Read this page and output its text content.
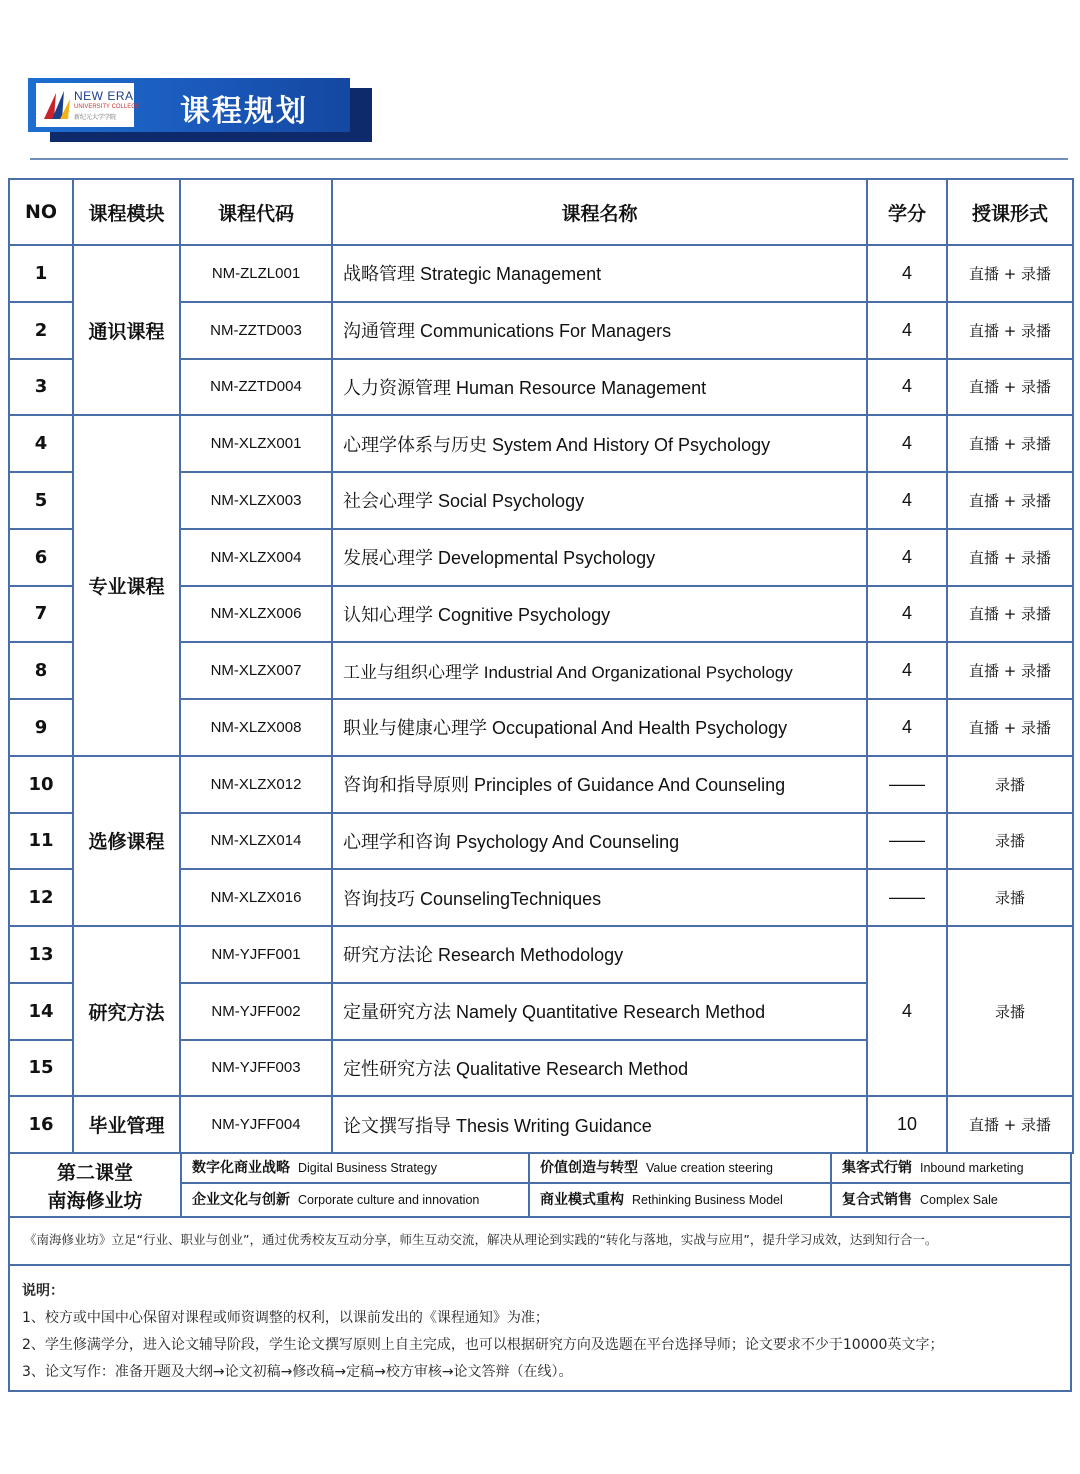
NEW ERA
UNIVERSITY COLLEGE
新纪元大学学院 课程规划
NO	课程模块	课程代码	课程名称	学分	授课形式
1	通识课程	NM-ZLZL001	战略管理 Strategic Management	4	直播 + 录播
2		NM-ZZTD003	沟通管理 Communications For Managers	4	直播 + 录播
3		NM-ZZTD004	人力资源管理 Human Resource Management	4	直播 + 录播
4	专业课程	NM-XLZX001	心理学体系与历史 System And History Of Psychology	4	直播 + 录播
5		NM-XLZX003	社会心理学 Social Psychology	4	直播 + 录播
6		NM-XLZX004	发展心理学 Developmental Psychology	4	直播 + 录播
7		NM-XLZX006	认知心理学 Cognitive Psychology	4	直播 + 录播
8		NM-XLZX007	工业与组织心理学 Industrial And Organizational Psychology	4	直播 + 录播
9		NM-XLZX008	职业与健康心理学 Occupational And Health Psychology	4	直播 + 录播
10	选修课程	NM-XLZX012	咨询和指导原则 Principles of Guidance And Counseling	——	录播
11		NM-XLZX014	心理学和咨询 Psychology And Counseling	——	录播
12		NM-XLZX016	咨询技巧 CounselingTechniques	——	录播
13	研究方法	NM-YJFF001	研究方法论 Research Methodology	4	录播
14		NM-YJFF002	定量研究方法 Namely Quantitative Research Method		
15		NM-YJFF003	定性研究方法 Qualitative Research Method		
16	毕业管理	NM-YJFF004	论文撰写指导 Thesis Writing Guidance	10	直播 + 录播
第二课堂
南海修业坊
数字化商业战略 Digital Business Strategy	价值创造与转型 Value creation steering	集客式行销 Inbound marketing
企业文化与创新 Corporate culture and innovation	商业模式重构 Rethinking Business Model	复合式销售 Complex Sale
《南海修业坊》立足“行业、职业与创业”，通过优秀校友互动分享，师生互动交流，解决从理论到实践的“转化与落地，实战与应用”，提升学习成效，达到知行合一。
说明：
1、校方或中国中心保留对课程或师资调整的权利，以课前发出的《课程通知》为准；
2、学生修满学分，进入论文辅导阶段，学生论文撰写原则上自主完成，也可以根据研究方向及选题在平台选择导师；论文要求不少于10000英文字；
3、论文写作：准备开题及大纲→论文初稿→修改稿→定稿→校方审核→论文答辩（在线）。
